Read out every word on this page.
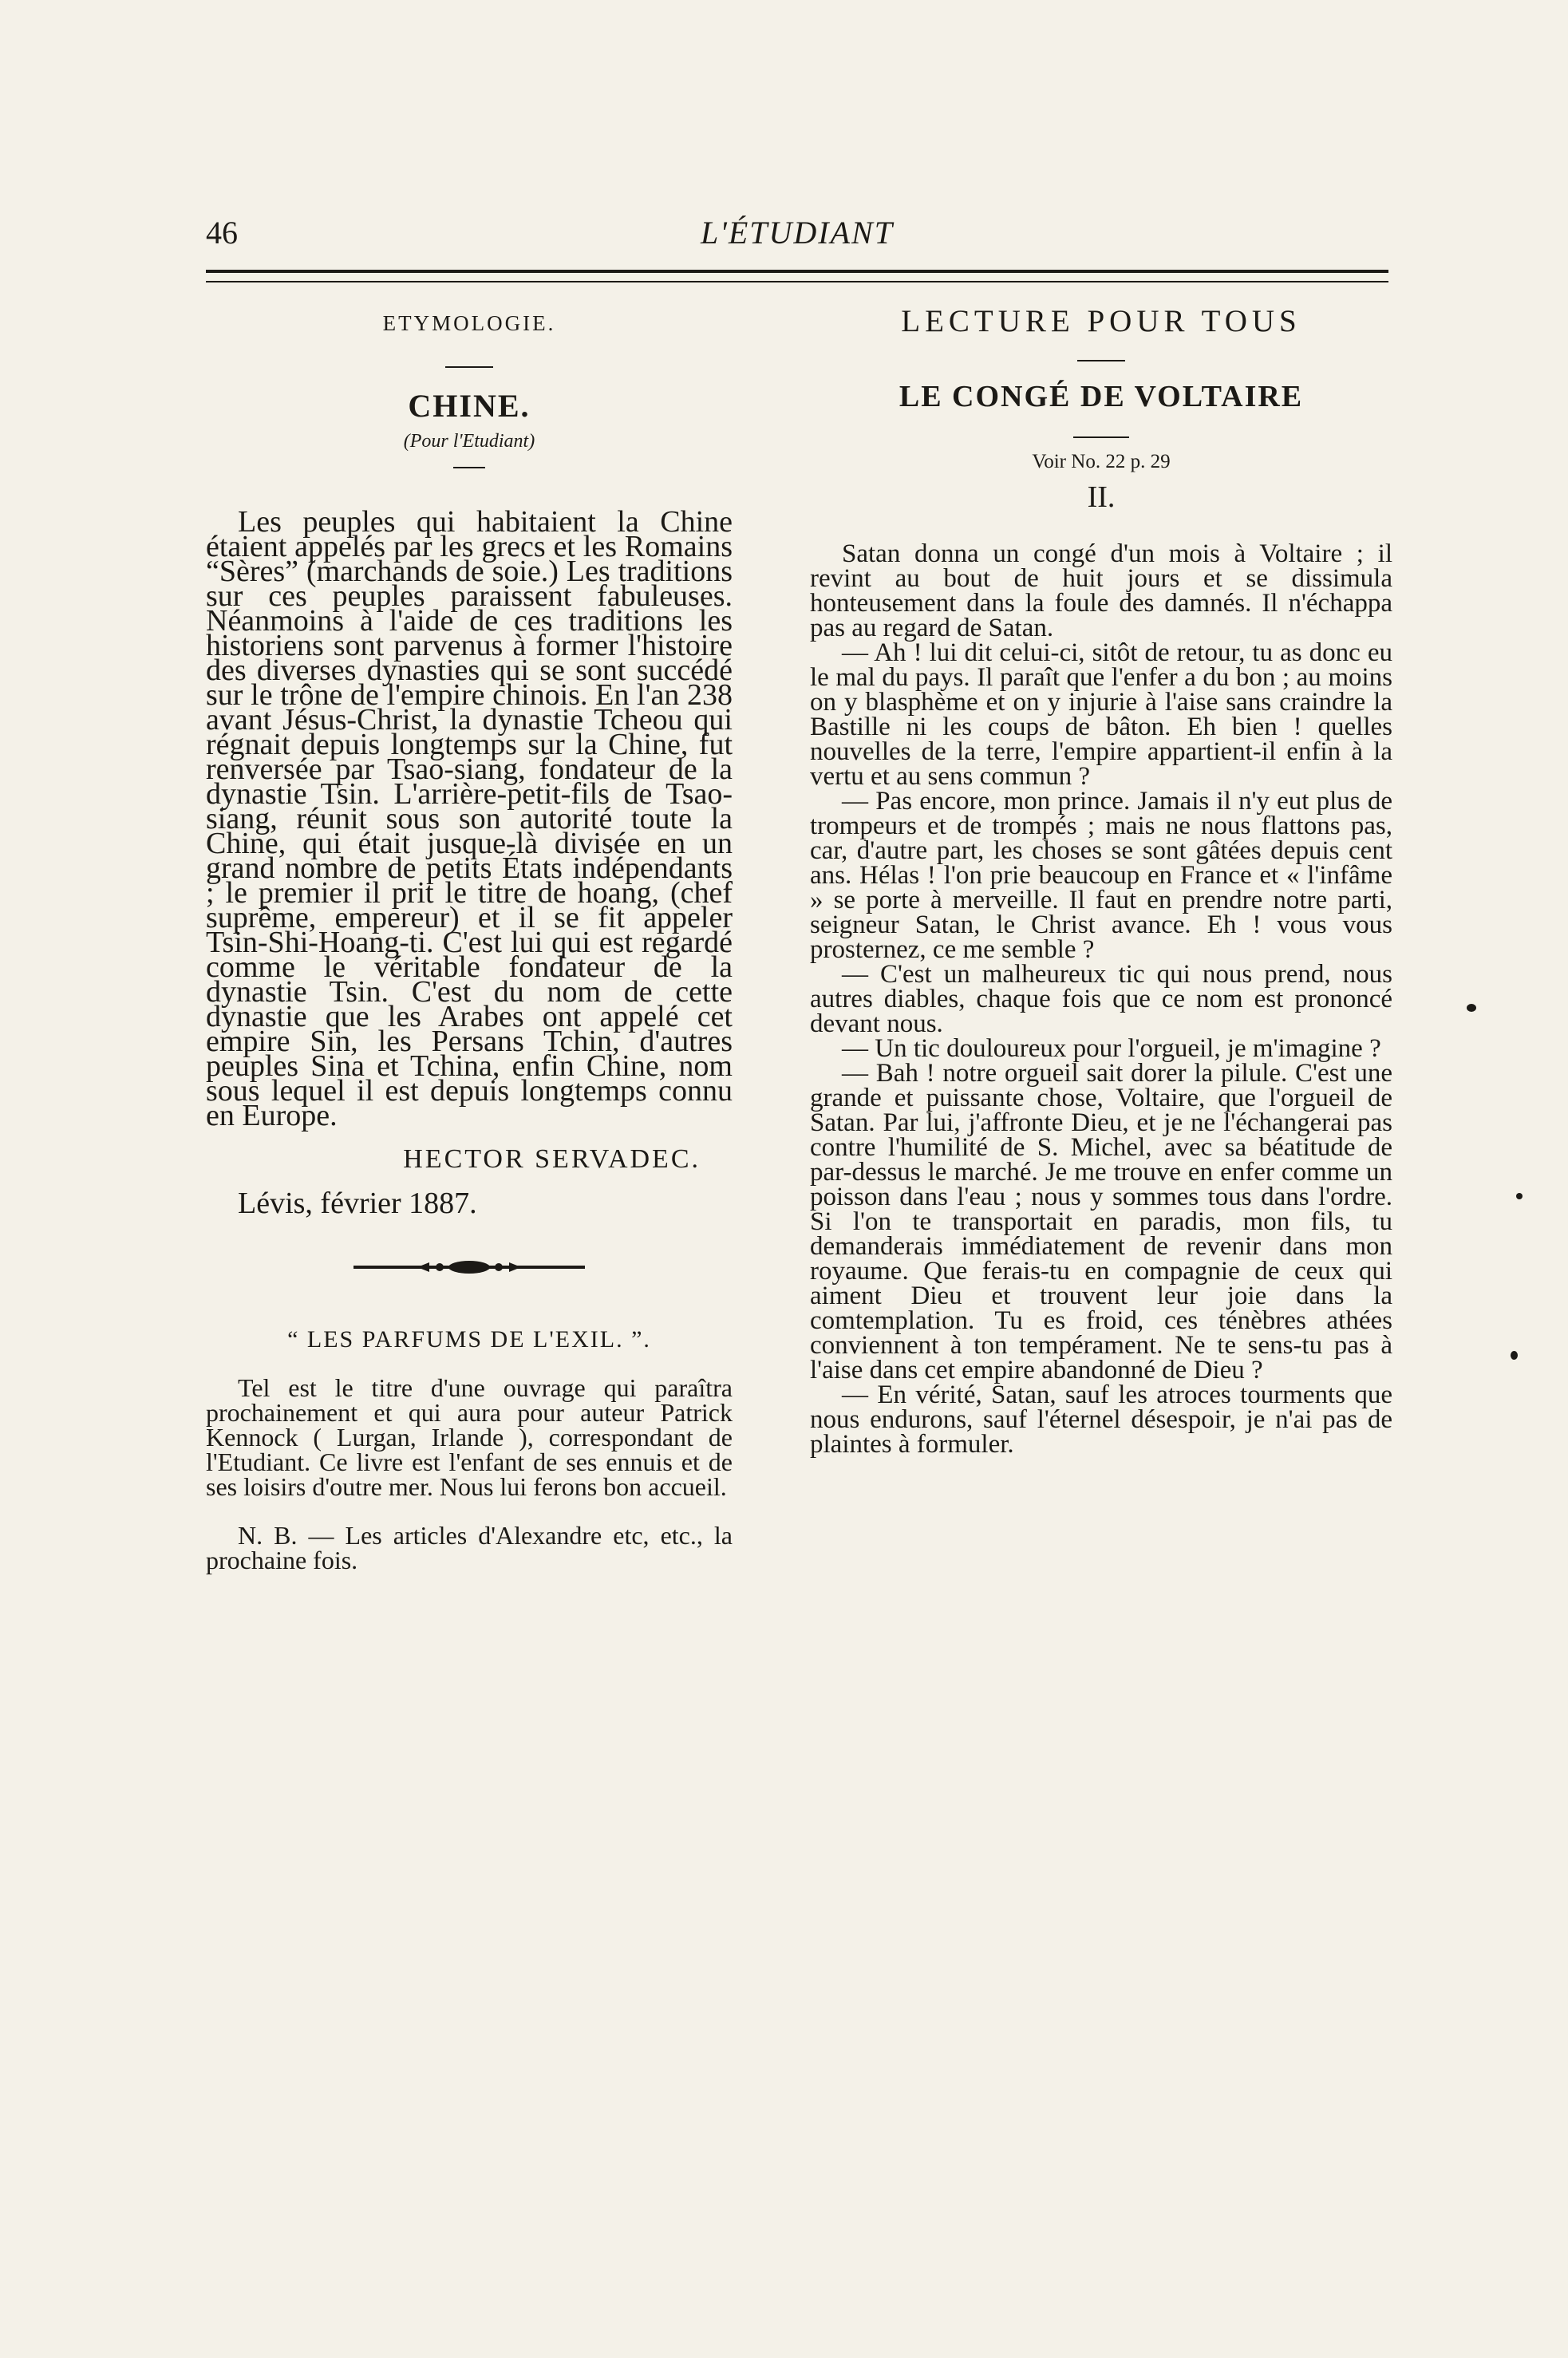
46	L'ÉTUDIANT
ETYMOLOGIE.
CHINE.
(Pour l'Etudiant)

Les peuples qui habitaient la Chine étaient appelés par les grecs et les Romains “Sères” (marchands de soie.) Les traditions sur ces peuples paraissent fabuleuses. Néanmoins à l'aide de ces traditions les historiens sont parvenus à former l'histoire des diverses dynasties qui se sont succédé sur le trône de l'empire chinois. En l'an 238 avant Jésus-Christ, la dynastie Tcheou qui régnait depuis longtemps sur la Chine, fut renversée par Tsao-siang, fondateur de la dynastie Tsin. L'arrière-petit-fils de Tsao-siang, réunit sous son autorité toute la Chine, qui était jusque-là divisée en un grand nombre de petits États indépendants ; le premier il prit le titre de hoang, (chef suprême, empereur) et il se fit appeler Tsin-Shi-Hoang-ti. C'est lui qui est regardé comme le véritable fondateur de la dynastie Tsin. C'est du nom de cette dynastie que les Arabes ont appelé cet empire Sin, les Persans Tchin, d'autres peuples Sina et Tchina, enfin Chine, nom sous lequel il est depuis longtemps connu en Europe.

HECTOR SERVADEC.
Lévis, février 1887.
“ LES PARFUMS DE L'EXIL. ”.

Tel est le titre d'une ouvrage qui paraîtra prochainement et qui aura pour auteur Patrick Kennock ( Lurgan, Irlande ), correspondant de l'Etudiant. Ce livre est l'enfant de ses ennuis et de ses loisirs d'outre mer. Nous lui ferons bon accueil.

N. B. — Les articles d'Alexandre etc, etc., la prochaine fois.

LECTURE POUR TOUS
LE CONGÉ DE VOLTAIRE
Voir No. 22 p. 29
II.

Satan donna un congé d'un mois à Voltaire ; il revint au bout de huit jours et se dissimula honteusement dans la foule des damnés. Il n'échappa pas au regard de Satan.

— Ah ! lui dit celui-ci, sitôt de retour, tu as donc eu le mal du pays. Il paraît que l'enfer a du bon ; au moins on y blasphème et on y injurie à l'aise sans craindre la Bastille ni les coups de bâton. Eh bien ! quelles nouvelles de la terre, l'empire appartient-il enfin à la vertu et au sens commun ?

— Pas encore, mon prince. Jamais il n'y eut plus de trompeurs et de trompés ; mais ne nous flattons pas, car, d'autre part, les choses se sont gâtées depuis cent ans. Hélas ! l'on prie beaucoup en France et « l'infâme » se porte à merveille. Il faut en prendre notre parti, seigneur Satan, le Christ avance. Eh ! vous vous prosternez, ce me semble ?

— C'est un malheureux tic qui nous prend, nous autres diables, chaque fois que ce nom est prononcé devant nous.

— Un tic douloureux pour l'orgueil, je m'imagine ?

— Bah ! notre orgueil sait dorer la pilule. C'est une grande et puissante chose, Voltaire, que l'orgueil de Satan. Par lui, j'affronte Dieu, et je ne l'échangerai pas contre l'humilité de S. Michel, avec sa béatitude de par-dessus le marché. Je me trouve en enfer comme un poisson dans l'eau ; nous y sommes tous dans l'ordre. Si l'on te transportait en paradis, mon fils, tu demanderais immédiatement de revenir dans mon royaume. Que ferais-tu en compagnie de ceux qui aiment Dieu et trouvent leur joie dans la comtemplation. Tu es froid, ces ténèbres athées conviennent à ton tempérament. Ne te sens-tu pas à l'aise dans cet empire abandonné de Dieu ?

— En vérité, Satan, sauf les atroces tourments que nous endurons, sauf l'éternel désespoir, je n'ai pas de plaintes à formuler.
